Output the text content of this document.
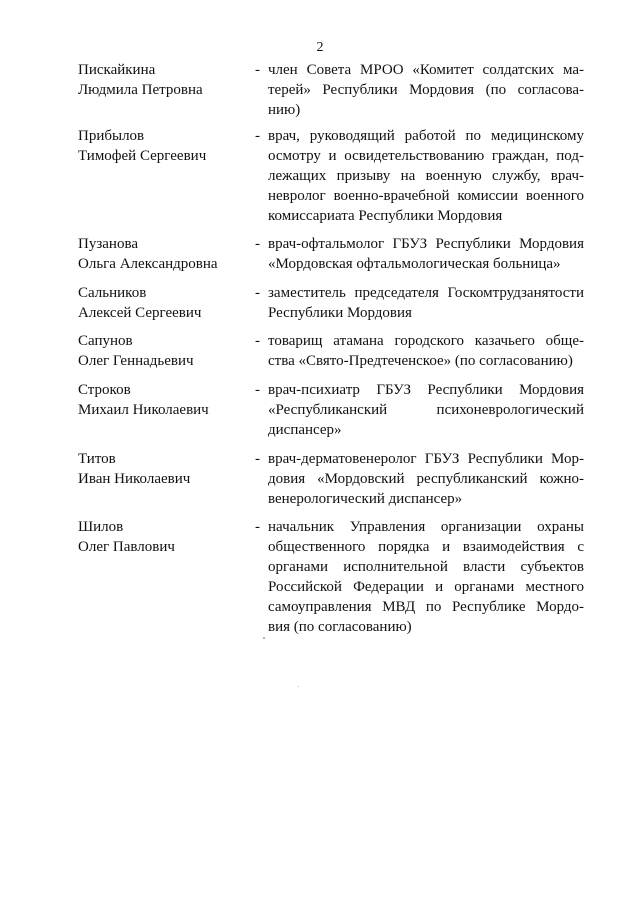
2
Пискайкина
Людмила Петровна
- член Совета МРОО «Комитет солдатских ма-
терей» Республики Мордовия (по согласова-
нию)
Прибылов
Тимофей Сергеевич
- врач, руководящий работой по медицинскому
осмотру и освидетельствованию граждан, под-
лежащих призыву на военную службу, врач-
невролог военно-врачебной комиссии военного
комиссариата Республики Мордовия
Пузанова
Ольга Александровна
- врач-офтальмолог ГБУЗ Республики Мордовия
«Мордовская офтальмологическая больница»
Сальников
Алексей Сергеевич
- заместитель председателя Госкомтрудзанятости
Республики Мордовия
Сапунов
Олег Геннадьевич
- товарищ атамана городского казачьего обще-
ства «Свято-Предтеченское» (по согласованию)
Строков
Михаил Николаевич
- врач-психиатр ГБУЗ Республики Мордовия
«Республиканский психоневрологический
диспансер»
Титов
Иван Николаевич
- врач-дерматовенеролог ГБУЗ Республики Мор-
довия «Мордовский республиканский кожно-
венерологический диспансер»
Шилов
Олег Павлович
- начальник Управления организации охраны
общественного порядка и взаимодействия с
органами исполнительной власти субъектов
Российской Федерации и органами местного
самоуправления МВД по Республике Мордо-
вия (по согласованию)
